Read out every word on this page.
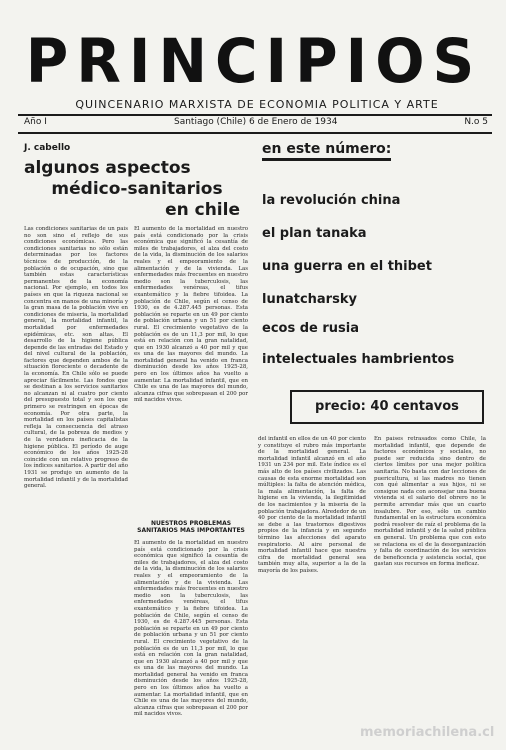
PRINCIPIOS
QUINCENARIO MARXISTA DE ECONOMIA POLITICA Y ARTE
Año I	Santiago (Chile) 6 de Enero de 1934	N.o 5
J. cabello
algunos aspectos
médico-sanitarios
en chile
en este número:
la revolución china
el plan tanaka
una guerra en el thibet
lunatcharsky
ecos de rusia
intelectuales hambrientos
precio: 40 centavos
Las condiciones sanitarias de un país no son sino el reflejo de sus condiciones económicas. Pero las condiciones sanitarias no sólo están determinadas por los factores técnicos de producción, de la población o de ocupación, sino que también estas características permanentes de la economía nacional. Por ejemplo, en todos los países en que la riqueza nacional se concentra en manos de una minoría y la gran masa de la población vive en condiciones de miseria, la mortalidad general, la mortalidad infantil, la mortalidad por enfermedades epidémicas, etc. son altas. El desarrollo de la higiene pública depende de las entradas del Estado y del nivel cultural de la población, factores que dependen ambos de la situación floreciente o decadente de la economía. En Chile sólo se puede apreciar fácilmente. Las fondos que se destinan a los servicios sanitarios no alcanzan ni al cuatro por ciento del presupuesto total y son los que primero se restringen en épocas de economía. Por otra parte, la mortalidad en los países capitalistas refleja la consecuencia del atraso cultural, de la pobreza de medios y de la verdadera ineficacia de la higiene pública. El período de auge económico de los años 1925-28 coincide con un relativo progreso de los índices sanitarios. A partir del año 1931 se produjo un aumento de la mortalidad infantil y de la mortalidad general.
El aumento de la mortalidad en nuestro país está condicionado por la crisis económica que significó la cesantía de miles de trabajadores, el alza del costo de la vida, la disminución de los salarios reales y el empeoramiento de la alimentación y de la vivienda. Las enfermedades más frecuentes en nuestro medio son la tuberculosis, las enfermedades venéreas, el tifus exantemático y la fiebre tifoidea. La población de Chile, según el censo de 1930, es de 4.287.445 personas. Esta población se reparte en un 49 por ciento de población urbana y un 51 por ciento rural. El crecimiento vegetativo de la población es de un 11,3 por mil, lo que está en relación con la gran natalidad, que en 1930 alcanzó a 40 por mil y que es una de las mayores del mundo. La mortalidad general ha venido en franca disminución desde los años 1925-28, pero en los últimos años ha vuelto a aumentar. La mortalidad infantil, que en Chile es una de las mayores del mundo, alcanza cifras que sobrepasan el 200 por mil nacidos vivos.
NUESTROS PROBLEMAS SANITARIOS MAS IMPORTANTES
El aumento de la mortalidad en nuestro país está condicionado por la crisis económica que significó la cesantía de miles de trabajadores, el alza del costo de la vida, la disminución de los salarios reales y el empeoramiento de la alimentación y de la vivienda. Las enfermedades más frecuentes en nuestro medio son la tuberculosis, las enfermedades venéreas, el tifus exantemático y la fiebre tifoidea. La población de Chile, según el censo de 1930, es de 4.287.445 personas. Esta población se reparte en un 49 por ciento de población urbana y un 51 por ciento rural. El crecimiento vegetativo de la población es de un 11,3 por mil, lo que está en relación con la gran natalidad, que en 1930 alcanzó a 40 por mil y que es una de las mayores del mundo. La mortalidad general ha venido en franca disminución desde los años 1925-28, pero en los últimos años ha vuelto a aumentar. La mortalidad infantil, que en Chile es una de las mayores del mundo, alcanza cifras que sobrepasan el 200 por mil nacidos vivos.
del infantil en ellos de un 40 por ciento y constituye el rubro más importante de la mortalidad general. La mortalidad infantil alcanzó en el año 1931 un 234 por mil. Este índice es el más alto de los países civilizados. Las causas de esta enorme mortalidad son múltiples: la falta de atención médica, la mala alimentación, la falta de higiene en la vivienda, la ilegitimidad de los nacimientos y la miseria de la población trabajadora. Alrededor de un 40 por ciento de la mortalidad infantil se debe a las trastornos digestivos propios de la infancia y en segundo término las afecciones del aparato respiratorio. Al aire personal de mortalidad infantil hace que nuestra cifra de mortalidad general sea también muy alta, superior a la de la mayoría de los países.
En países retrasados como Chile, la mortalidad infantil, que depende de factores económicos y sociales, no puede ser reducida sino dentro de ciertos límites por una mejor política sanitaria. No basta con dar lecciones de puericultura, si las madres no tienen con qué alimentar a sus hijos, ni se consigue nada con aconsejar una buena vivienda si el salario del obrero no le permite arrendar más que un cuarto insalubre. Por eso, sólo un cambio fundamental en la estructura económica podrá resolver de raíz el problema de la mortalidad infantil y de la salud pública en general. Un problema que con esto se relaciona es el de la desorganización y falta de coordinación de los servicios de beneficencia y asistencia social, que gastan sus recursos en forma ineficaz.
memoriachilena.cl
